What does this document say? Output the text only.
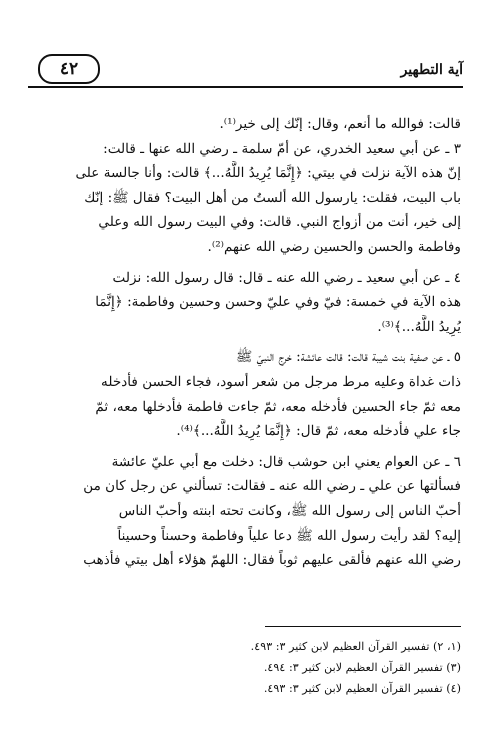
آية التطهير
٤٢
قالت: فوالله ما أنعم، وقال: إنّك إلى خير⁽¹⁾.
٣ ـ عن أبي سعيد الخدري، عن أمّ سلمة ـ رضي الله عنها ـ قالت:
إنّ هذه الآية نزلت في بيتي: ﴿إِنَّمَا يُرِيدُ اللَّهُ...﴾ قالت: وأنا جالسة على
باب البيت، فقلت: يارسول الله ألستُ من أهل البيت؟ فقال ﷺ: إنّك
إلى خير، أنت من أزواج النبي. قالت: وفي البيت رسول الله وعلي
وفاطمة والحسن والحسين رضي الله عنهم⁽²⁾.
٤ ـ عن أبي سعيد ـ رضي الله عنه ـ قال: قال رسول الله: نزلت
هذه الآية في خمسة: فيّ وفي عليّ وحسن وحسين وفاطمة: ﴿إِنَّمَا
يُرِيدُ اللَّهُ...﴾⁽³⁾.
٥ ـ عن صفية بنت شيبة قالت: قالت عائشة: خرج النبيّ ﷺ
ذات غداة وعليه مرط مرجل من شعر أسود، فجاء الحسن فأدخله
معه ثمّ جاء الحسين فأدخله معه، ثمّ جاءت فاطمة فأدخلها معه، ثمّ
جاء علي فأدخله معه، ثمّ قال: ﴿إِنَّمَا يُرِيدُ اللَّهُ...﴾⁽⁴⁾.
٦ ـ عن العوام يعني ابن حوشب قال: دخلت مع أبي عليّ عائشة
فسألتها عن علي ـ رضي الله عنه ـ فقالت: تسألني عن رجل كان من
أحبّ الناس إلى رسول الله ﷺ، وكانت تحته ابنته وأحبّ الناس
إليه؟ لقد رأيت رسول الله ﷺ دعا علياً وفاطمة وحسناً وحسيناً
رضي الله عنهم فألقى عليهم ثوباً فقال: اللهمّ هؤلاء أهل بيتي فأذهب
(١، ٢) تفسير القرآن العظيم لابن كثير ٣: ٤٩٣.
(٣) تفسير القرآن العظيم لابن كثير ٣: ٤٩٤.
(٤) تفسير القرآن العظيم لابن كثير ٣: ٤٩٣.
